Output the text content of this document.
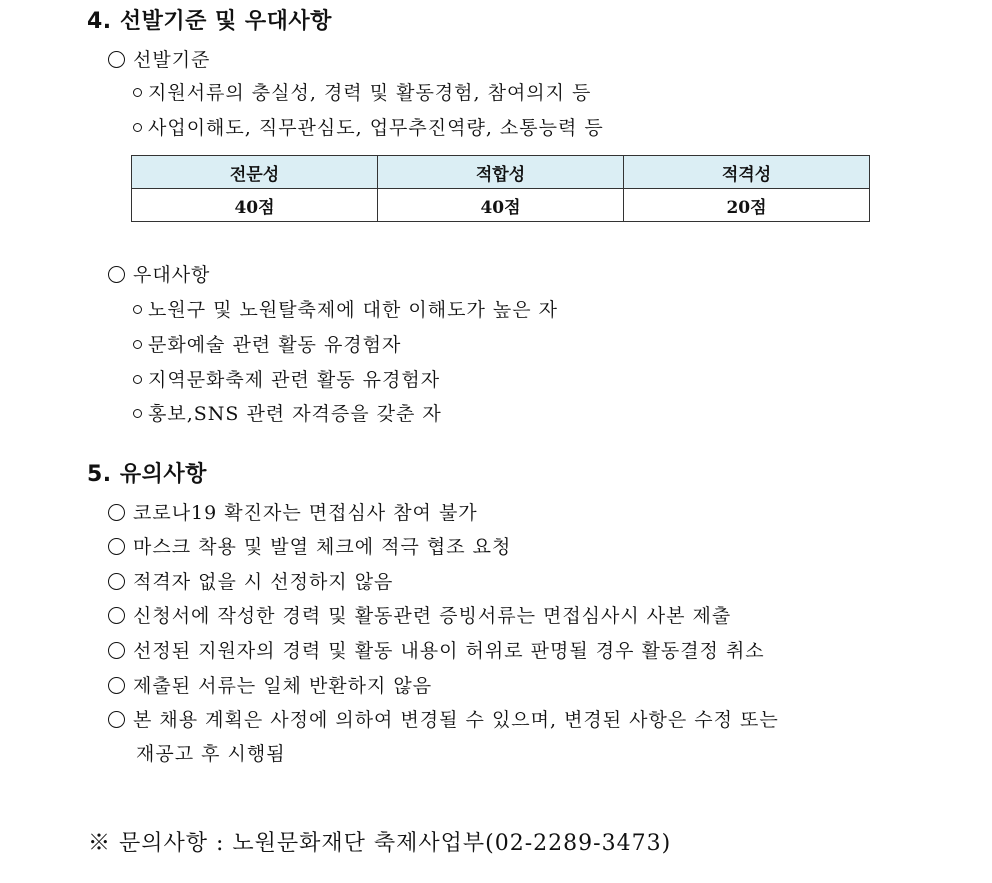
4. 선발기준 및 우대사항
선발기준
지원서류의 충실성, 경력 및 활동경험, 참여의지 등
사업이해도, 직무관심도, 업무추진역량, 소통능력 등
전문성	적합성	적격성
40점	40점	20점
우대사항
노원구 및 노원탈축제에 대한 이해도가 높은 자
문화예술 관련 활동 유경험자
지역문화축제 관련 활동 유경험자
홍보,SNS 관련 자격증을 갖춘 자
5. 유의사항
코로나19 확진자는 면접심사 참여 불가
마스크 착용 및 발열 체크에 적극 협조 요청
적격자 없을 시 선정하지 않음
신청서에 작성한 경력 및 활동관련 증빙서류는 면접심사시 사본 제출
선정된 지원자의 경력 및 활동 내용이 허위로 판명될 경우 활동결정 취소
제출된 서류는 일체 반환하지 않음
본 채용 계획은 사정에 의하여 변경될 수 있으며, 변경된 사항은 수정 또는
재공고 후 시행됨
※ 문의사항 : 노원문화재단 축제사업부(02-2289-3473)
